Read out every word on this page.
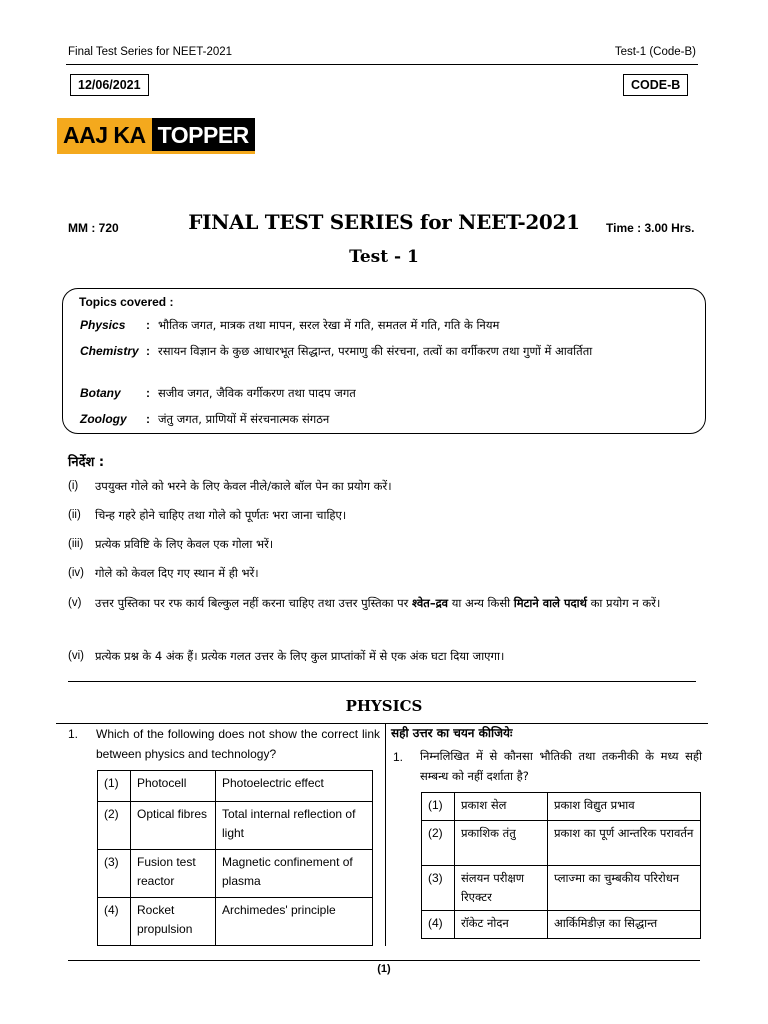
Final Test Series for NEET-2021	Test-1 (Code-B)
12/06/2021	CODE-B
AAJ KA TOPPER
MM : 720	FINAL TEST SERIES for NEET-2021	Time : 3.00 Hrs.
Test - 1
Topics covered :
Physics	: भौतिक जगत, मात्रक तथा मापन, सरल रेखा में गति, समतल में गति, गति के नियम
Chemistry : रसायन विज्ञान के कुछ आधारभूत सिद्धान्त, परमाणु की संरचना, तत्वों का वर्गीकरण तथा गुणों में आवर्तिता
Botany	: सजीव जगत, जैविक वर्गीकरण तथा पादप जगत
Zoology	: जंतु जगत, प्राणियों में संरचनात्मक संगठन
निर्देश :
(i)	उपयुक्त गोले को भरने के लिए केवल नीले/काले बॉल पेन का प्रयोग करें।
(ii)	चिन्ह गहरे होने चाहिए तथा गोले को पूर्णतः भरा जाना चाहिए।
(iii)	प्रत्येक प्रविष्टि के लिए केवल एक गोला भरें।
(iv) गोले को केवल दिए गए स्थान में ही भरें।
(v)	उत्तर पुस्तिका पर रफ कार्य बिल्कुल नहीं करना चाहिए तथा उत्तर पुस्तिका पर श्वेत–द्रव या अन्य किसी मिटाने वाले पदार्थ का प्रयोग न करें।
(vi) प्रत्येक प्रश्न के 4 अंक हैं। प्रत्येक गलत उत्तर के लिए कुल प्राप्तांकों में से एक अंक घटा दिया जाएगा।
PHYSICS
1. Which of the following does not show the correct link between physics and technology?
(1)	Photocell	Photoelectric effect
(2)	Optical fibres	Total internal reflection of light
(3)	Fusion test reactor	Magnetic confinement of plasma
(4)	Rocket propulsion	Archimedes' principle
सही उत्तर का चयन कीजियेः
1. निम्नलिखित में से कौनसा भौतिकी तथा तकनीकी के मध्य सही सम्बन्ध को नहीं दर्शाता है?
(1)	प्रकाश सेल	प्रकाश विद्युत प्रभाव
(2)	प्रकाशिक तंतु	प्रकाश का पूर्ण आन्तरिक परावर्तन
(3)	संलयन परीक्षण रिएक्टर	प्लाज्मा का चुम्बकीय परिरोधन
(4)	रॉकेट नोदन	आर्किमिडीज़ का सिद्धान्त
(1)
